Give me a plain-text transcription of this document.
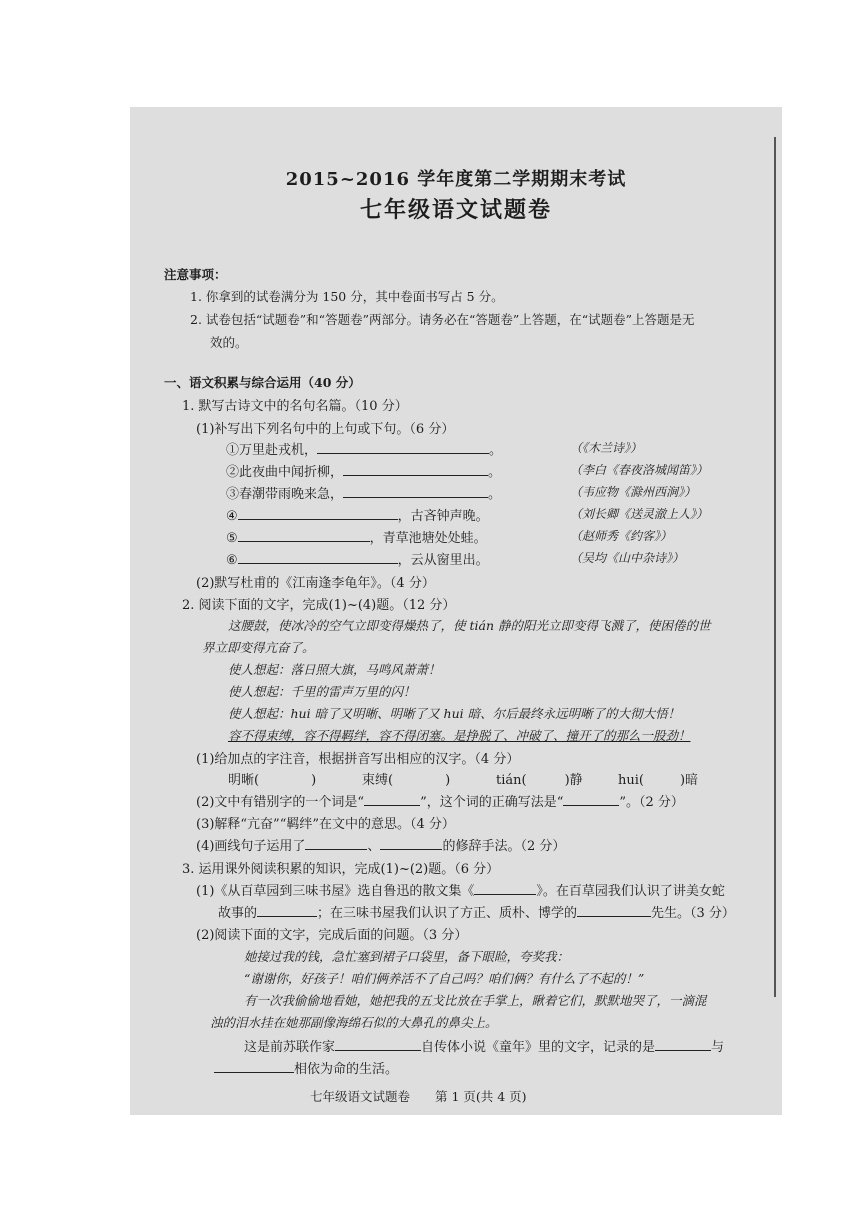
2015~2016 学年度第二学期期末考试
七年级语文试题卷
注意事项：
1. 你拿到的试卷满分为 150 分，其中卷面书写占 5 分。
2. 试卷包括“试题卷”和“答题卷”两部分。请务必在“答题卷”上答题，在“试题卷”上答题是无
效的。
一、语文积累与综合运用（40 分）
1. 默写古诗文中的名句名篇。（10 分）
(1)补写出下列名句中的上句或下句。（6 分）
①万里赴戎机，	。	（《木兰诗》）
②此夜曲中闻折柳，	。	（李白《春夜洛城闻笛》）
③春潮带雨晚来急，	。	（韦应物《滁州西涧》）
④	，古吝钟声晚。	（刘长卿《送灵澈上人》）
⑤	，青草池塘处处蛙。	（赵师秀《约客》）
⑥	，云从窗里出。	（吴均《山中杂诗》）
(2)默写杜甫的《江南逢李龟年》。（4 分）
2. 阅读下面的文字，完成(1)~(4)题。（12 分）
这腰鼓，使冰冷的空气立即变得燥热了，使 tián 静的阳光立即变得飞溅了，使困倦的世
界立即变得亢奋了。
使人想起：落日照大旗，马鸣风萧萧！
使人想起：千里的雷声万里的闪！
使人想起：hui 暗了又明晰、明晰了又 hui 暗、尔后最终永远明晰了的大彻大悟！
容不得束缚，容不得羁绊，容不得闭塞。是挣脱了、冲破了、撞开了的那么一股劲！
(1)给加点的字注音，根据拼音写出相应的汉字。（4 分）
明晰(	)	束缚(	)	tián(	)静	hui(	)暗
(2)文中有错别字的一个词是“	”，这个词的正确写法是“	”。（2 分）
(3)解释“亢奋”“羁绊”在文中的意思。（4 分）
(4)画线句子运用了	、	的修辞手法。（2 分）
3. 运用课外阅读积累的知识，完成(1)~(2)题。（6 分）
(1)《从百草园到三味书屋》选自鲁迅的散文集《	》。在百草园我们认识了讲美女蛇
故事的	；在三味书屋我们认识了方正、质朴、博学的	先生。（3 分）
(2)阅读下面的文字，完成后面的问题。（3 分）
她接过我的钱，急忙塞到裙子口袋里，备下眼睑，夸奖我：
“谢谢你，好孩子！咱们俩养活不了自己吗？咱们俩？有什么了不起的！”
有一次我偷偷地看她，她把我的五戈比放在手掌上，瞅着它们，默默地哭了，一滴混
浊的泪水挂在她那副像海绵石似的大鼻孔的鼻尖上。
这是前苏联作家	自传体小说《童年》里的文字，记录的是	与
相依为命的生活。
七年级语文试题卷　　第 1 页(共 4 页)
